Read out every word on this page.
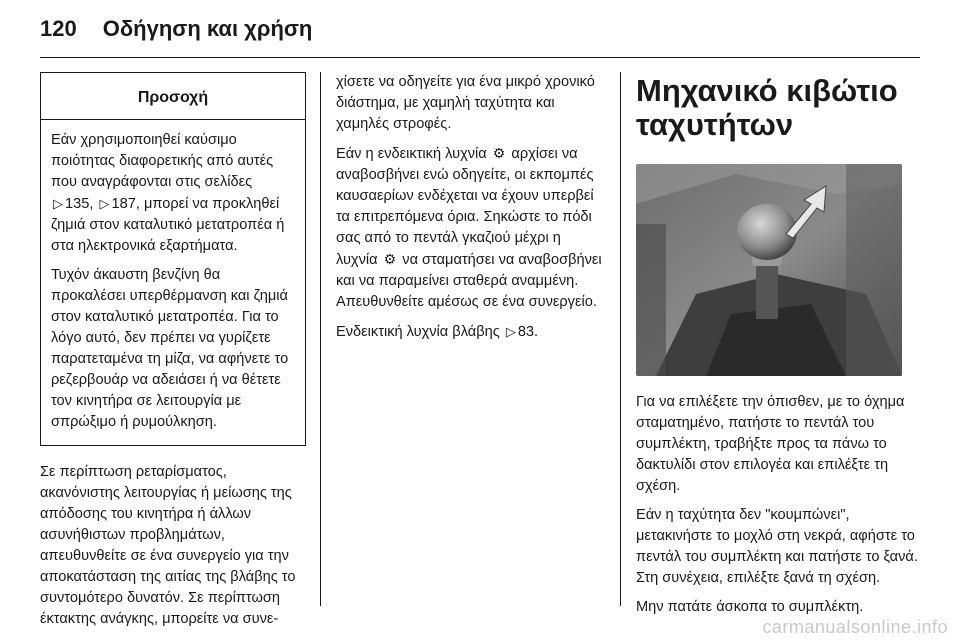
120 Οδήγηση και χρήση
Προσοχή

Εάν χρησιμοποιηθεί καύσιμο ποιότητας διαφορετικής από αυτές που αναγράφονται στις σελίδες
▷ 135, ▷ 187, μπορεί να προκληθεί ζημιά στον καταλυτικό μετατροπέα ή στα ηλεκτρονικά εξαρτήματα.

Τυχόν άκαυστη βενζίνη θα προκαλέσει υπερθέρμανση και ζημιά στον καταλυτικό μετατροπέα. Για το λόγο αυτό, δεν πρέπει να γυρίζετε παρατεταμένα τη μίζα, να αφήνετε το ρεζερβουάρ να αδειάσει ή να θέτετε τον κινητήρα σε λειτουργία με σπρώξιμο ή ρυμούλκηση.

Σε περίπτωση ρεταρίσματος, ακανόνιστης λειτουργίας ή μείωσης της απόδοσης του κινητήρα ή άλλων ασυνήθιστων προβλημάτων, απευθυνθείτε σε ένα συνεργείο για την αποκατάσταση της αιτίας της βλάβης το συντομότερο δυνατόν. Σε περίπτωση έκτακτης ανάγκης, μπορείτε να συνε-

χίσετε να οδηγείτε για ένα μικρό χρονικό διάστημα, με χαμηλή ταχύτητα και χαμηλές στροφές.

Εάν η ενδεικτική λυχνία ⚙ αρχίσει να αναβοσβήνει ενώ οδηγείτε, οι εκπομπές καυσαερίων ενδέχεται να έχουν υπερβεί τα επιτρεπόμενα όρια. Σηκώστε το πόδι σας από το πεντάλ γκαζιού μέχρι η λυχνία ⚙ να σταματήσει να αναβοσβήνει και να παραμείνει σταθερά αναμμένη. Απευθυνθείτε αμέσως σε ένα συνεργείο.

Ενδεικτική λυχνία βλάβης ▷ 83.

Μηχανικό κιβώτιο ταχυτήτων

Για να επιλέξετε την όπισθεν, με το όχημα σταματημένο, πατήστε το πεντάλ του συμπλέκτη, τραβήξτε προς τα πάνω το δακτυλίδι στον επιλογέα και επιλέξτε τη σχέση.

Εάν η ταχύτητα δεν "κουμπώνει", μετακινήστε το μοχλό στη νεκρά, αφήστε το πεντάλ του συμπλέκτη και πατήστε το ξανά. Στη συνέχεια, επιλέξτε ξανά τη σχέση.

Μην πατάτε άσκοπα το συμπλέκτη.

carmanualsonline.info
